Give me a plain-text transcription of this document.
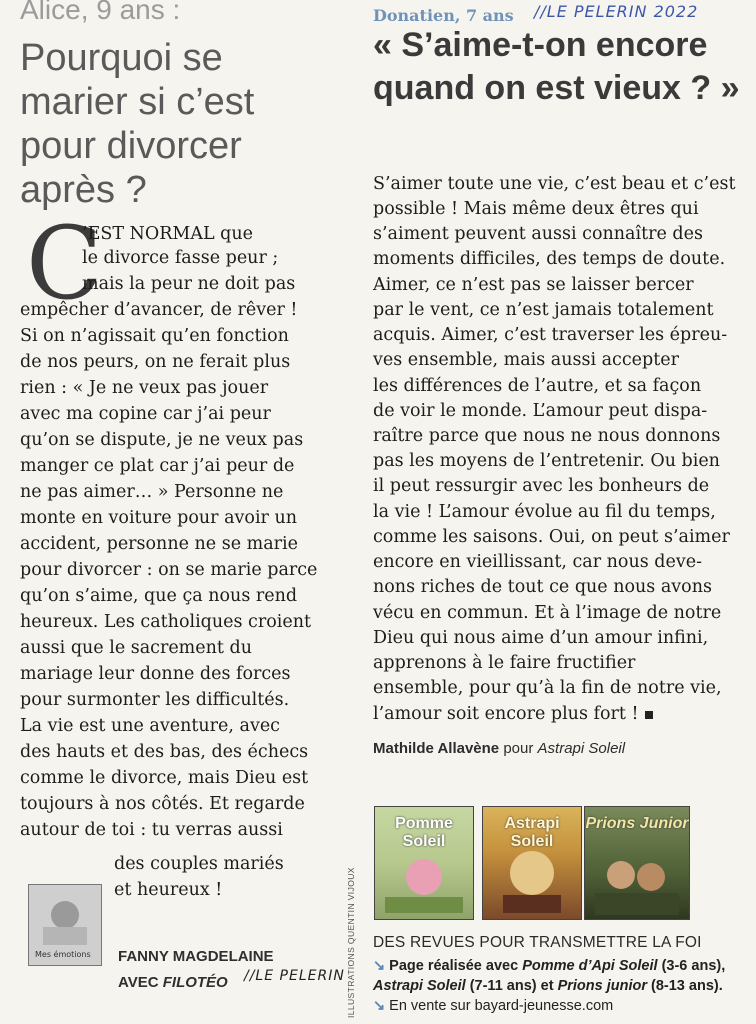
Alice, 9 ans :
Pourquoi se marier si c’est pour divorcer après ?
C
’EST NORMAL que
le divorce fasse peur ;
mais la peur ne doit pas
empêcher d’avancer, de rêver !
Si on n’agissait qu’en fonction
de nos peurs, on ne ferait plus
rien : « Je ne veux pas jouer
avec ma copine car j’ai peur
qu’on se dispute, je ne veux pas
manger ce plat car j’ai peur de
ne pas aimer… » Personne ne
monte en voiture pour avoir un
accident, personne ne se marie
pour divorcer : on se marie parce
qu’on s’aime, que ça nous rend
heureux. Les catholiques croient
aussi que le sacrement du
mariage leur donne des forces
pour surmonter les difficultés.
La vie est une aventure, avec
des hauts et des bas, des échecs
comme le divorce, mais Dieu est
toujours à nos côtés. Et regarde
autour de toi : tu verras aussi
des couples mariés
et heureux !
Mes émotions FANNY MAGDELAINE
AVEC FILOTÉO	//LE PELERIN ILLUSTRATIONS QUENTIN VIJOUX
Donatien, 7 ans //LE PELERIN 2022
« S’aime-t-on encore quand on est vieux ? »
S’aimer toute une vie, c’est beau et c’est
possible ! Mais même deux êtres qui
s’aiment peuvent aussi connaître des
moments difficiles, des temps de doute.
Aimer, ce n’est pas se laisser bercer
par le vent, ce n’est jamais totalement
acquis. Aimer, c’est traverser les épreu-
ves ensemble, mais aussi accepter
les différences de l’autre, et sa façon
de voir le monde. L’amour peut dispa-
raître parce que nous ne nous donnons
pas les moyens de l’entretenir. Ou bien
il peut ressurgir avec les bonheurs de
la vie ! L’amour évolue au fil du temps,
comme les saisons. Oui, on peut s’aimer
encore en vieillissant, car nous deve-
nons riches de tout ce que nous avons
vécu en commun. Et à l’image de notre
Dieu qui nous aime d’un amour infini,
apprenons à le faire fructifier
ensemble, pour qu’à la fin de notre vie,
l’amour soit encore plus fort !
Mathilde Allavène pour Astrapi Soleil
Pomme Soleil
Astrapi Soleil
Prions Junior
DES REVUES POUR TRANSMETTRE LA FOI
↘ Page réalisée avec Pomme d’Api Soleil (3-6 ans),
Astrapi Soleil (7-11 ans) et Prions junior (8-13 ans).
↘ En vente sur bayard-jeunesse.com
